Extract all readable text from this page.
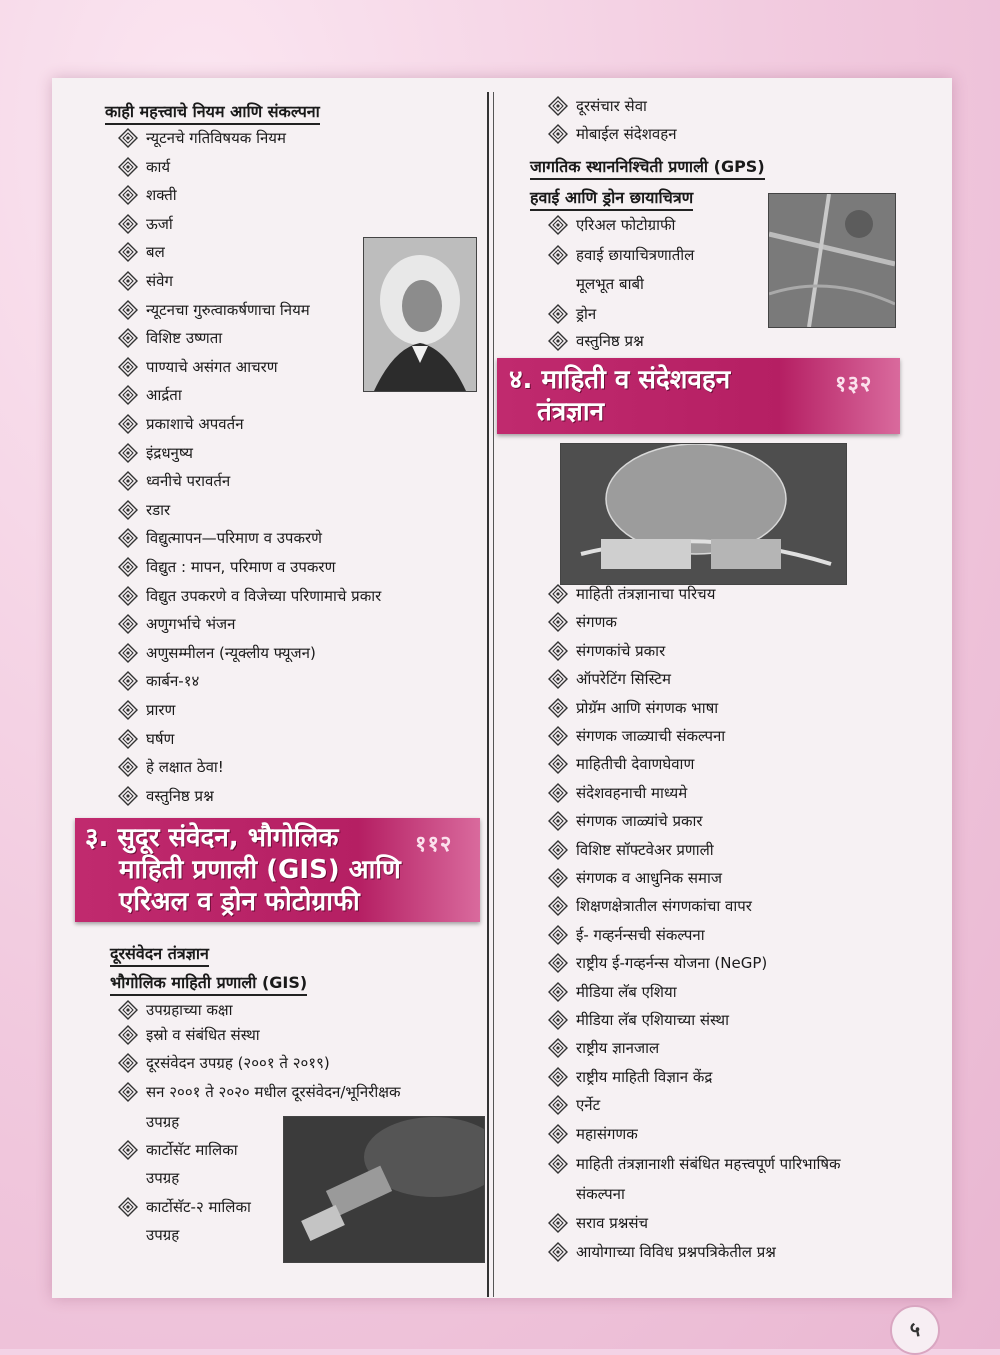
काही महत्त्वाचे नियम आणि संकल्पना
न्यूटनचे गतिविषयक नियम
कार्य
शक्ती
ऊर्जा
बल
संवेग
न्यूटनचा गुरुत्वाकर्षणाचा नियम
विशिष्ट उष्णता
पाण्याचे असंगत आचरण
आर्द्रता
प्रकाशाचे अपवर्तन
इंद्रधनुष्य
ध्वनीचे परावर्तन
रडार
विद्युत्मापन—परिमाण व उपकरणे
विद्युत : मापन, परिमाण व उपकरण
विद्युत उपकरणे व विजेच्या परिणामाचे प्रकार
अणुगर्भाचे भंजन
अणुसम्मीलन (न्यूक्लीय फ्यूजन)
कार्बन-१४
प्रारण
घर्षण
हे लक्षात ठेवा!
वस्तुनिष्ठ प्रश्न
३. सुदूर संवेदन, भौगोलिक
माहिती प्रणाली (GIS) आणि
एरिअल व ड्रोन फोटोग्राफी
११२
दूरसंवेदन तंत्रज्ञान
भौगोलिक माहिती प्रणाली (GIS)
उपग्रहाच्या कक्षा
इस्रो व संबंधित संस्था
दूरसंवेदन उपग्रह (२००१ ते २०१९)
सन २००१ ते २०२० मधील दूरसंवेदन/भूनिरीक्षक
उपग्रह
कार्टोसॅट मालिका
उपग्रह
कार्टोसॅट-२ मालिका
उपग्रह
दूरसंचार सेवा
मोबाईल संदेशवहन
जागतिक स्थाननिश्चिती प्रणाली (GPS)
हवाई आणि ड्रोन छायाचित्रण
एरिअल फोटोग्राफी
हवाई छायाचित्रणातील
मूलभूत बाबी
ड्रोन
वस्तुनिष्ठ प्रश्न
४. माहिती व संदेशवहन
तंत्रज्ञान
१३२
माहिती तंत्रज्ञानाचा परिचय
संगणक
संगणकांचे प्रकार
ऑपरेटिंग सिस्टिम
प्रोग्रॅम आणि संगणक भाषा
संगणक जाळ्याची संकल्पना
माहितीची देवाणघेवाण
संदेशवहनाची माध्यमे
संगणक जाळ्यांचे प्रकार
विशिष्ट सॉफ्टवेअर प्रणाली
संगणक व आधुनिक समाज
शिक्षणक्षेत्रातील संगणकांचा वापर
ई- गव्हर्नन्सची संकल्पना
राष्ट्रीय ई-गव्हर्नन्स योजना (NeGP)
मीडिया लॅब एशिया
मीडिया लॅब एशियाच्या संस्था
राष्ट्रीय ज्ञानजाल
राष्ट्रीय माहिती विज्ञान केंद्र
एर्नेट
महासंगणक
माहिती तंत्रज्ञानाशी संबंधित महत्त्वपूर्ण पारिभाषिक
संकल्पना
सराव प्रश्नसंच
आयोगाच्या विविध प्रश्नपत्रिकेतील प्रश्न
५
